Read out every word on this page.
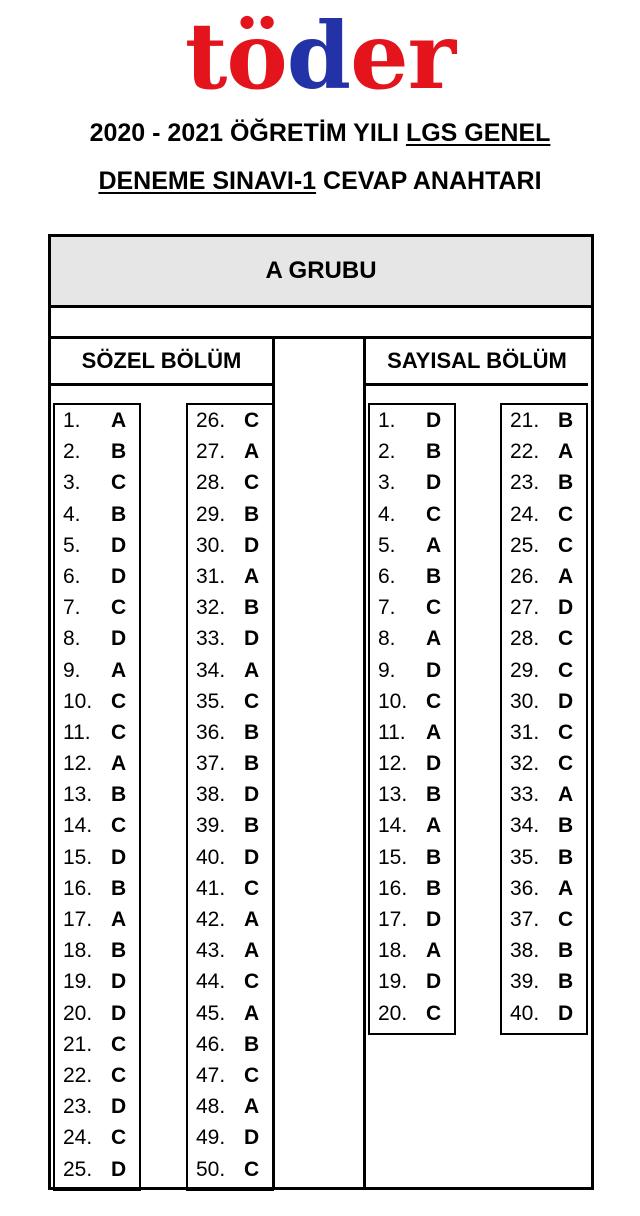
töder
2020 - 2021 ÖĞRETİM YILI LGS GENEL
DENEME SINAVI-1 CEVAP ANAHTARI
A GRUBU
SÖZEL BÖLÜM
1. A
2. B
3. C
4. B
5. D
6. D
7. C
8. D
9. A
10. C
11. C
12. A
13. B
14. C
15. D
16. B
17. A
18. B
19. D
20. D
21. C
22. C
23. D
24. C
25. D
26. C
27. A
28. C
29. B
30. D
31. A
32. B
33. D
34. A
35. C
36. B
37. B
38. D
39. B
40. D
41. C
42. A
43. A
44. C
45. A
46. B
47. C
48. A
49. D
50. C
SAYISAL BÖLÜM
1. D
2. B
3. D
4. C
5. A
6. B
7. C
8. A
9. D
10. C
11. A
12. D
13. B
14. A
15. B
16. B
17. D
18. A
19. D
20. C
21. B
22. A
23. B
24. C
25. C
26. A
27. D
28. C
29. C
30. D
31. C
32. C
33. A
34. B
35. B
36. A
37. C
38. B
39. B
40. D
